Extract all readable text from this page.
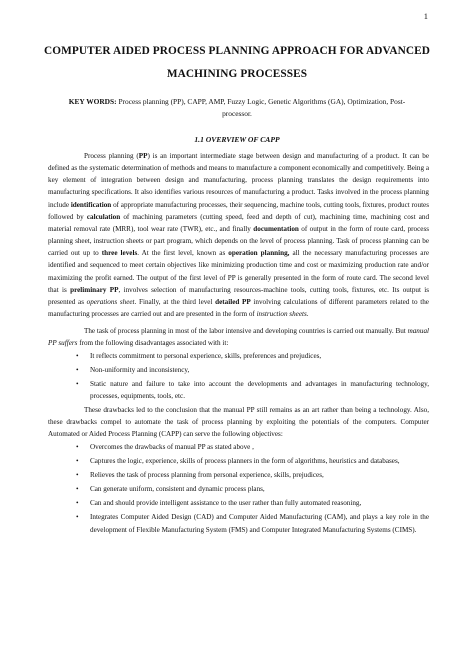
1
COMPUTER AIDED PROCESS PLANNING APPROACH FOR ADVANCED
MACHINING PROCESSES
KEY WORDS: Process planning (PP), CAPP, AMP, Fuzzy Logic, Genetic Algorithms (GA), Optimization, Post-processor.
1.1 OVERVIEW OF CAPP

Process planning (PP) is an important intermediate stage between design and manufacturing of a product. It can be defined as the systematic determination of methods and means to manufacture a component economically and competitively. Being a key element of integration between design and manufacturing, process planning translates the design requirements into manufacturing specifications. It also identifies various resources of manufacturing a product. Tasks involved in the process planning include identification of appropriate manufacturing processes, their sequencing, machine tools, cutting tools, fixtures, product routes followed by calculation of machining parameters (cutting speed, feed and depth of cut), machining time, machining cost and material removal rate (MRR), tool wear rate (TWR), etc., and finally documentation of output in the form of route card, process planning sheet, instruction sheets or part program, which depends on the level of process planning. Task of process planning can be carried out up to three levels. At the first level, known as operation planning, all the necessary manufacturing processes are identified and sequenced to meet certain objectives like minimizing production time and cost or maximizing production rate and/or maximizing the profit earned. The output of the first level of PP is generally presented in the form of route card. The second level that is preliminary PP, involves selection of manufacturing resources-machine tools, cutting tools, fixtures, etc. Its output is presented as operations sheet. Finally, at the third level detailed PP involving calculations of different parameters related to the manufacturing processes are carried out and are presented in the form of instruction sheets.

The task of process planning in most of the labor intensive and developing countries is carried out manually. But manual PP suffers from the following disadvantages associated with it:

• It reflects commitment to personal experience, skills, preferences and prejudices,
• Non-uniformity and inconsistency,
• Static nature and failure to take into account the developments and advantages in manufacturing technology, processes, equipments, tools, etc.

These drawbacks led to the conclusion that the manual PP still remains as an art rather than being a technology. Also, these drawbacks compel to automate the task of process planning by exploiting the potentials of the computers. Computer Automated or Aided Process Planning (CAPP) can serve the following objectives:

• Overcomes the drawbacks of manual PP as stated above ,
• Captures the logic, experience, skills of process planners in the form of algorithms, heuristics and databases,
• Relieves the task of process planning from personal experience, skills, prejudices,
• Can generate uniform, consistent and dynamic process plans,
• Can and should provide intelligent assistance to the user rather than fully automated reasoning,
• Integrates Computer Aided Design (CAD) and Computer Aided Manufacturing (CAM), and plays a key role in the development of Flexible Manufacturing System (FMS) and Computer Integrated Manufacturing Systems (CIMS).
